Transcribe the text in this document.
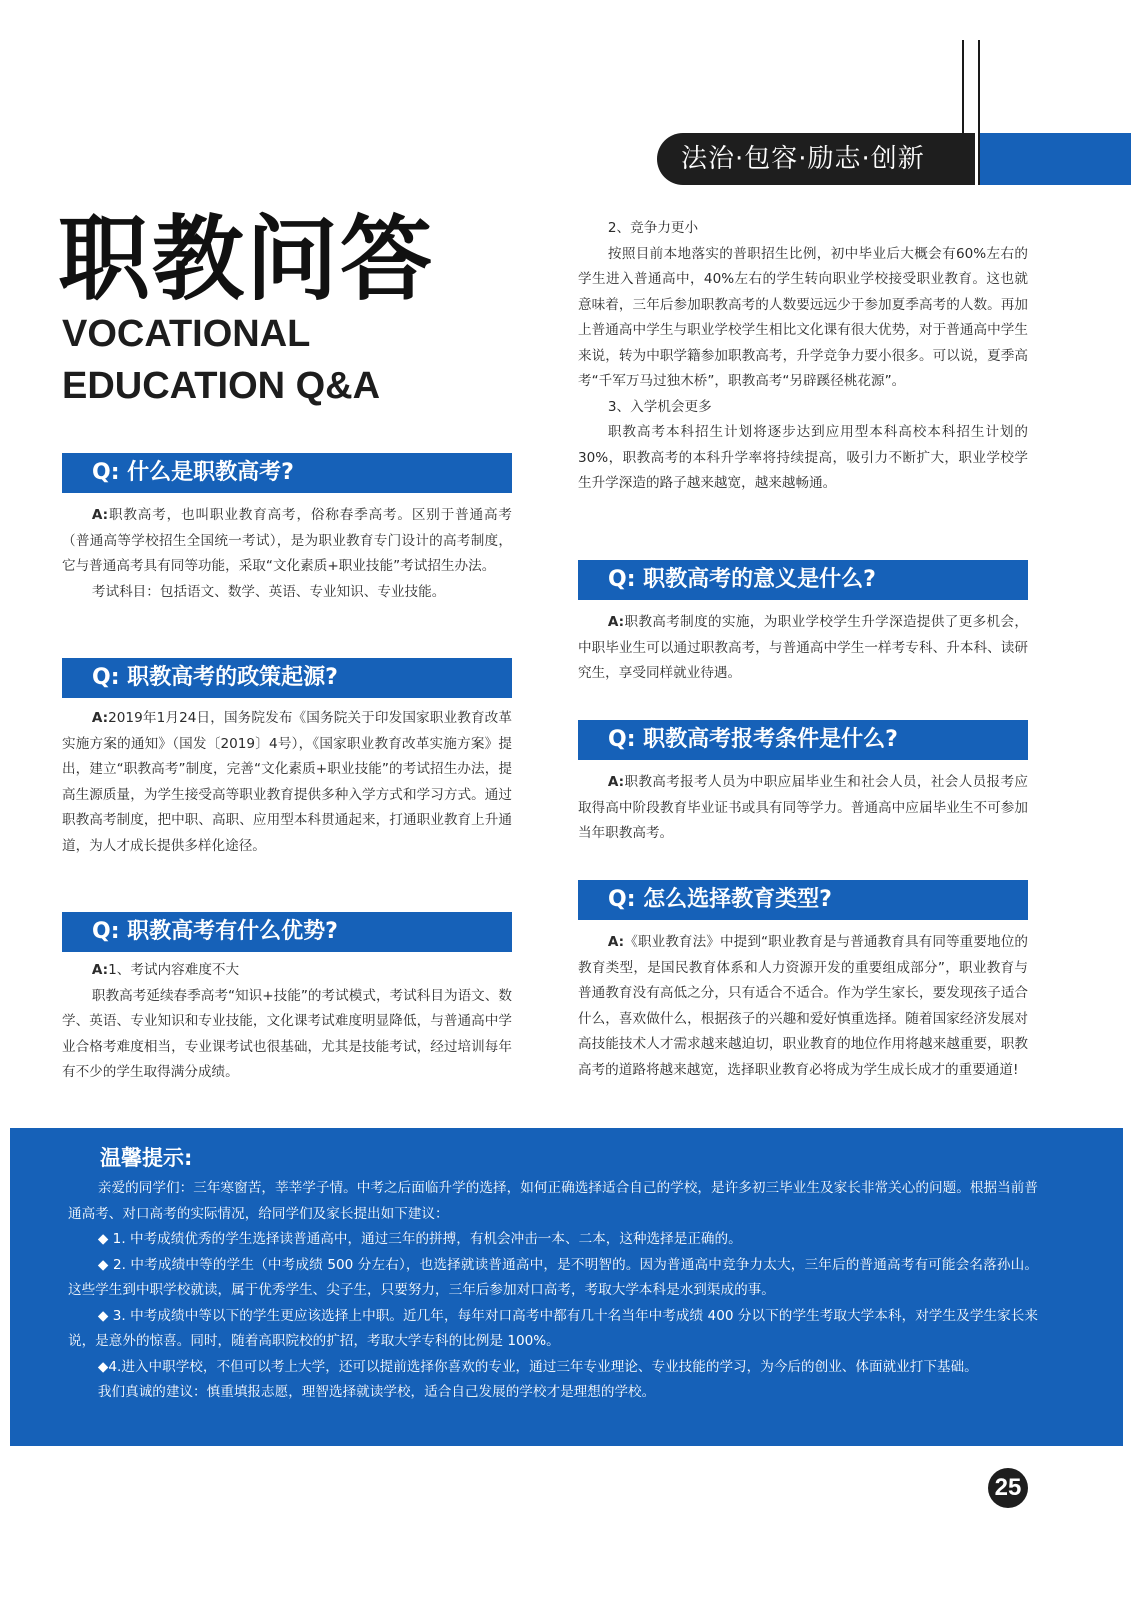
法治·包容·励志·创新
职教问答
VOCATIONAL
EDUCATION Q&A
Q: 什么是职教高考?

A:职教高考，也叫职业教育高考，俗称春季高考。区别于普通高考（普通高等学校招生全国统一考试），是为职业教育专门设计的高考制度，它与普通高考具有同等功能，采取“文化素质+职业技能”考试招生办法。

考试科目：包括语文、数学、英语、专业知识、专业技能。

Q: 职教高考的政策起源?

A:2019年1月24日，国务院发布《国务院关于印发国家职业教育改革实施方案的通知》（国发〔2019〕4号），《国家职业教育改革实施方案》提出，建立“职教高考”制度，完善“文化素质+职业技能”的考试招生办法，提高生源质量，为学生接受高等职业教育提供多种入学方式和学习方式。通过职教高考制度，把中职、高职、应用型本科贯通起来，打通职业教育上升通道，为人才成长提供多样化途径。

Q: 职教高考有什么优势?

A:1、考试内容难度不大

职教高考延续春季高考“知识+技能”的考试模式，考试科目为语文、数学、英语、专业知识和专业技能，文化课考试难度明显降低，与普通高中学业合格考难度相当，专业课考试也很基础，尤其是技能考试，经过培训每年有不少的学生取得满分成绩。

2、竞争力更小

按照目前本地落实的普职招生比例，初中毕业后大概会有60%左右的学生进入普通高中，40%左右的学生转向职业学校接受职业教育。这也就意味着，三年后参加职教高考的人数要远远少于参加夏季高考的人数。再加上普通高中学生与职业学校学生相比文化课有很大优势，对于普通高中学生来说，转为中职学籍参加职教高考，升学竞争力要小很多。可以说，夏季高考“千军万马过独木桥”，职教高考“另辟蹊径桃花源”。

3、入学机会更多

职教高考本科招生计划将逐步达到应用型本科高校本科招生计划的30%，职教高考的本科升学率将持续提高，吸引力不断扩大，职业学校学生升学深造的路子越来越宽，越来越畅通。

Q: 职教高考的意义是什么?

A:职教高考制度的实施，为职业学校学生升学深造提供了更多机会，中职毕业生可以通过职教高考，与普通高中学生一样考专科、升本科、读研究生，享受同样就业待遇。

Q: 职教高考报考条件是什么?

A:职教高考报考人员为中职应届毕业生和社会人员，社会人员报考应取得高中阶段教育毕业证书或具有同等学力。普通高中应届毕业生不可参加当年职教高考。

Q: 怎么选择教育类型?

A:《职业教育法》中提到“职业教育是与普通教育具有同等重要地位的教育类型，是国民教育体系和人力资源开发的重要组成部分”，职业教育与普通教育没有高低之分，只有适合不适合。作为学生家长，要发现孩子适合什么，喜欢做什么，根据孩子的兴趣和爱好慎重选择。随着国家经济发展对高技能技术人才需求越来越迫切，职业教育的地位作用将越来越重要，职教高考的道路将越来越宽，选择职业教育必将成为学生成长成才的重要通道!

温馨提示:

亲爱的同学们：三年寒窗苦，莘莘学子情。中考之后面临升学的选择，如何正确选择适合自己的学校，是许多初三毕业生及家长非常关心的问题。根据当前普通高考、对口高考的实际情况，给同学们及家长提出如下建议：

◆ 1. 中考成绩优秀的学生选择读普通高中，通过三年的拼搏，有机会冲击一本、二本，这种选择是正确的。

◆ 2. 中考成绩中等的学生（中考成绩 500 分左右），也选择就读普通高中，是不明智的。因为普通高中竞争力太大，三年后的普通高考有可能会名落孙山。这些学生到中职学校就读，属于优秀学生、尖子生，只要努力，三年后参加对口高考，考取大学本科是水到渠成的事。

◆ 3. 中考成绩中等以下的学生更应该选择上中职。近几年，每年对口高考中都有几十名当年中考成绩 400 分以下的学生考取大学本科，对学生及学生家长来说，是意外的惊喜。同时，随着高职院校的扩招，考取大学专科的比例是 100%。

◆4.进入中职学校，不但可以考上大学，还可以提前选择你喜欢的专业，通过三年专业理论、专业技能的学习，为今后的创业、体面就业打下基础。

我们真诚的建议：慎重填报志愿，理智选择就读学校，适合自己发展的学校才是理想的学校。

25
